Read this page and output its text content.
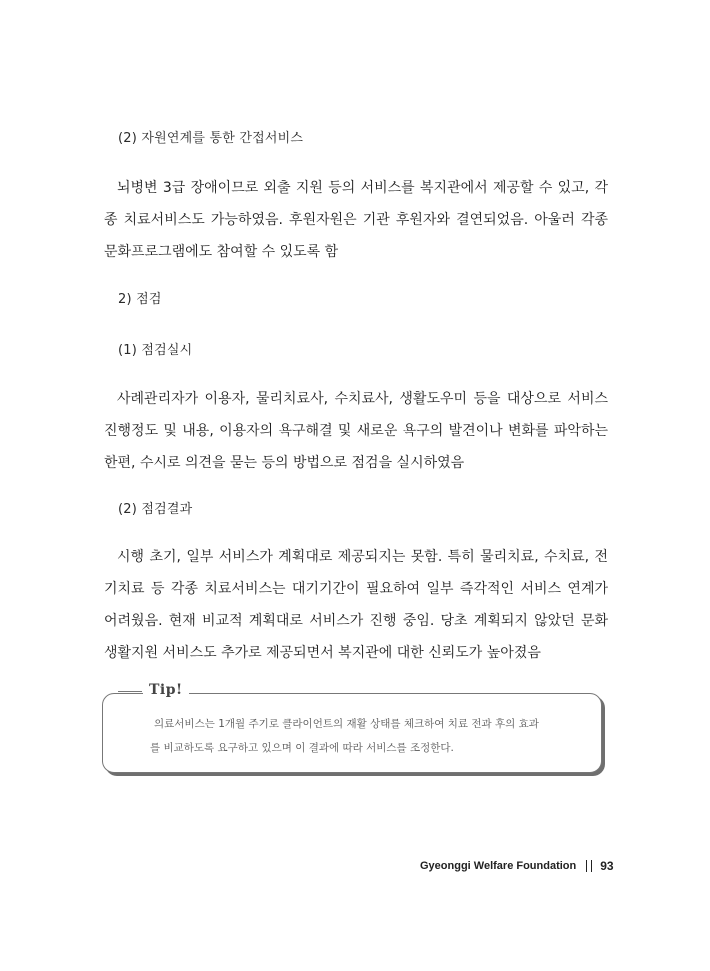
(2) 자원연계를 통한 간접서비스
뇌병변 3급 장애이므로 외출 지원 등의 서비스를 복지관에서 제공할 수 있고, 각
종 치료서비스도 가능하였음. 후원자원은 기관 후원자와 결연되었음. 아울러 각종
문화프로그램에도 참여할 수 있도록 함
2) 점검
(1) 점검실시
사례관리자가 이용자, 물리치료사, 수치료사, 생활도우미 등을 대상으로 서비스
진행정도 및 내용, 이용자의 욕구해결 및 새로운 욕구의 발견이나 변화를 파악하는
한편, 수시로 의견을 묻는 등의 방법으로 점검을 실시하였음
(2) 점검결과
시행 초기, 일부 서비스가 계획대로 제공되지는 못함. 특히 물리치료, 수치료, 전
기치료 등 각종 치료서비스는 대기기간이 필요하여 일부 즉각적인 서비스 연계가
어려웠음. 현재 비교적 계획대로 서비스가 진행 중임. 당초 계획되지 않았던 문화
생활지원 서비스도 추가로 제공되면서 복지관에 대한 신뢰도가 높아졌음
Tip!
의료서비스는 1개월 주기로 클라이언트의 재활 상태를 체크하여 치료 전과 후의 효과
를 비교하도록 요구하고 있으며 이 결과에 따라 서비스를 조정한다.
Gyeonggi Welfare Foundation 93
